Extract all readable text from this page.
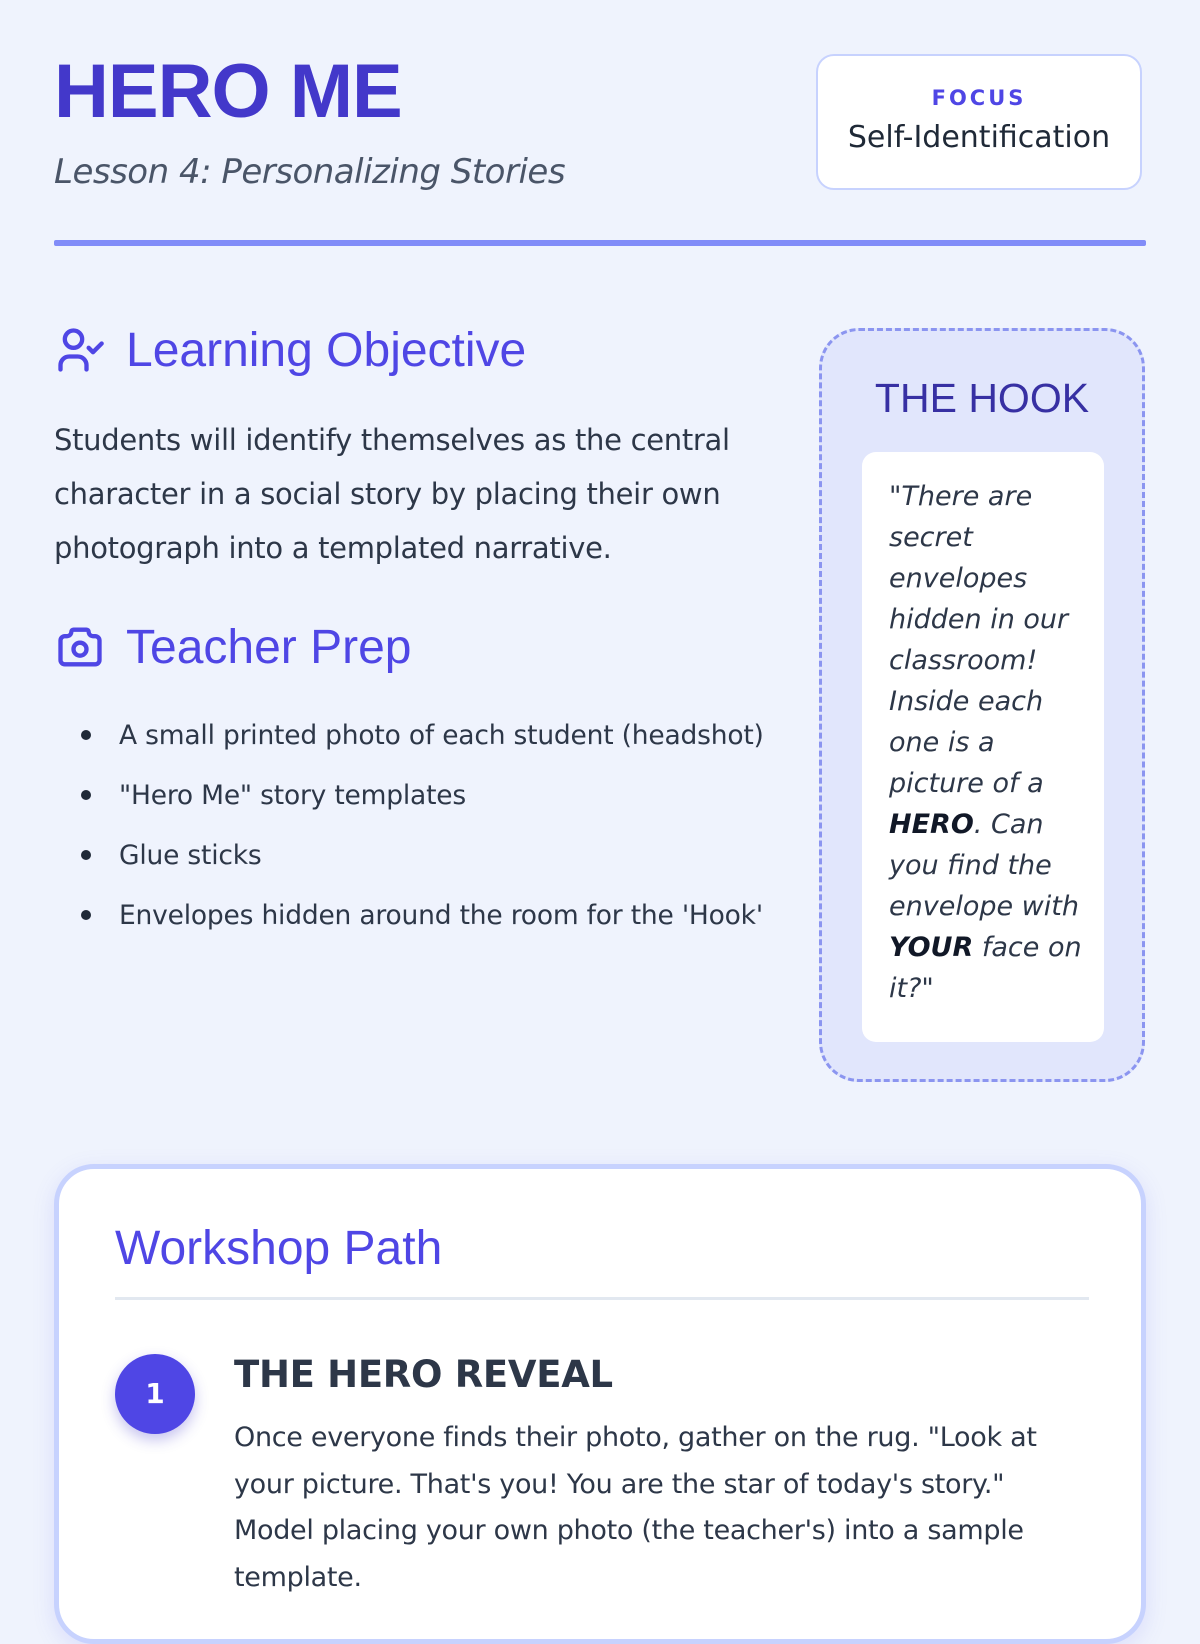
HERO ME
Lesson 4: Personalizing Stories
FOCUS
Self-Identification
Learning Objective

Students will identify themselves as the central character in a social story by placing their own photograph into a templated narrative.

Teacher Prep
A small printed photo of each student (headshot)
"Hero Me" story templates
Glue sticks
Envelopes hidden around the room for the 'Hook'
THE HOOK
"There are secret envelopes hidden in our classroom! Inside each one is a picture of a HERO. Can you find the envelope with YOUR face on it?"
Workshop Path
1	THE HERO REVEAL

Once everyone finds their photo, gather on the rug. "Look at your picture. That's you! You are the star of today's story." Model placing your own photo (the teacher's) into a sample template.
